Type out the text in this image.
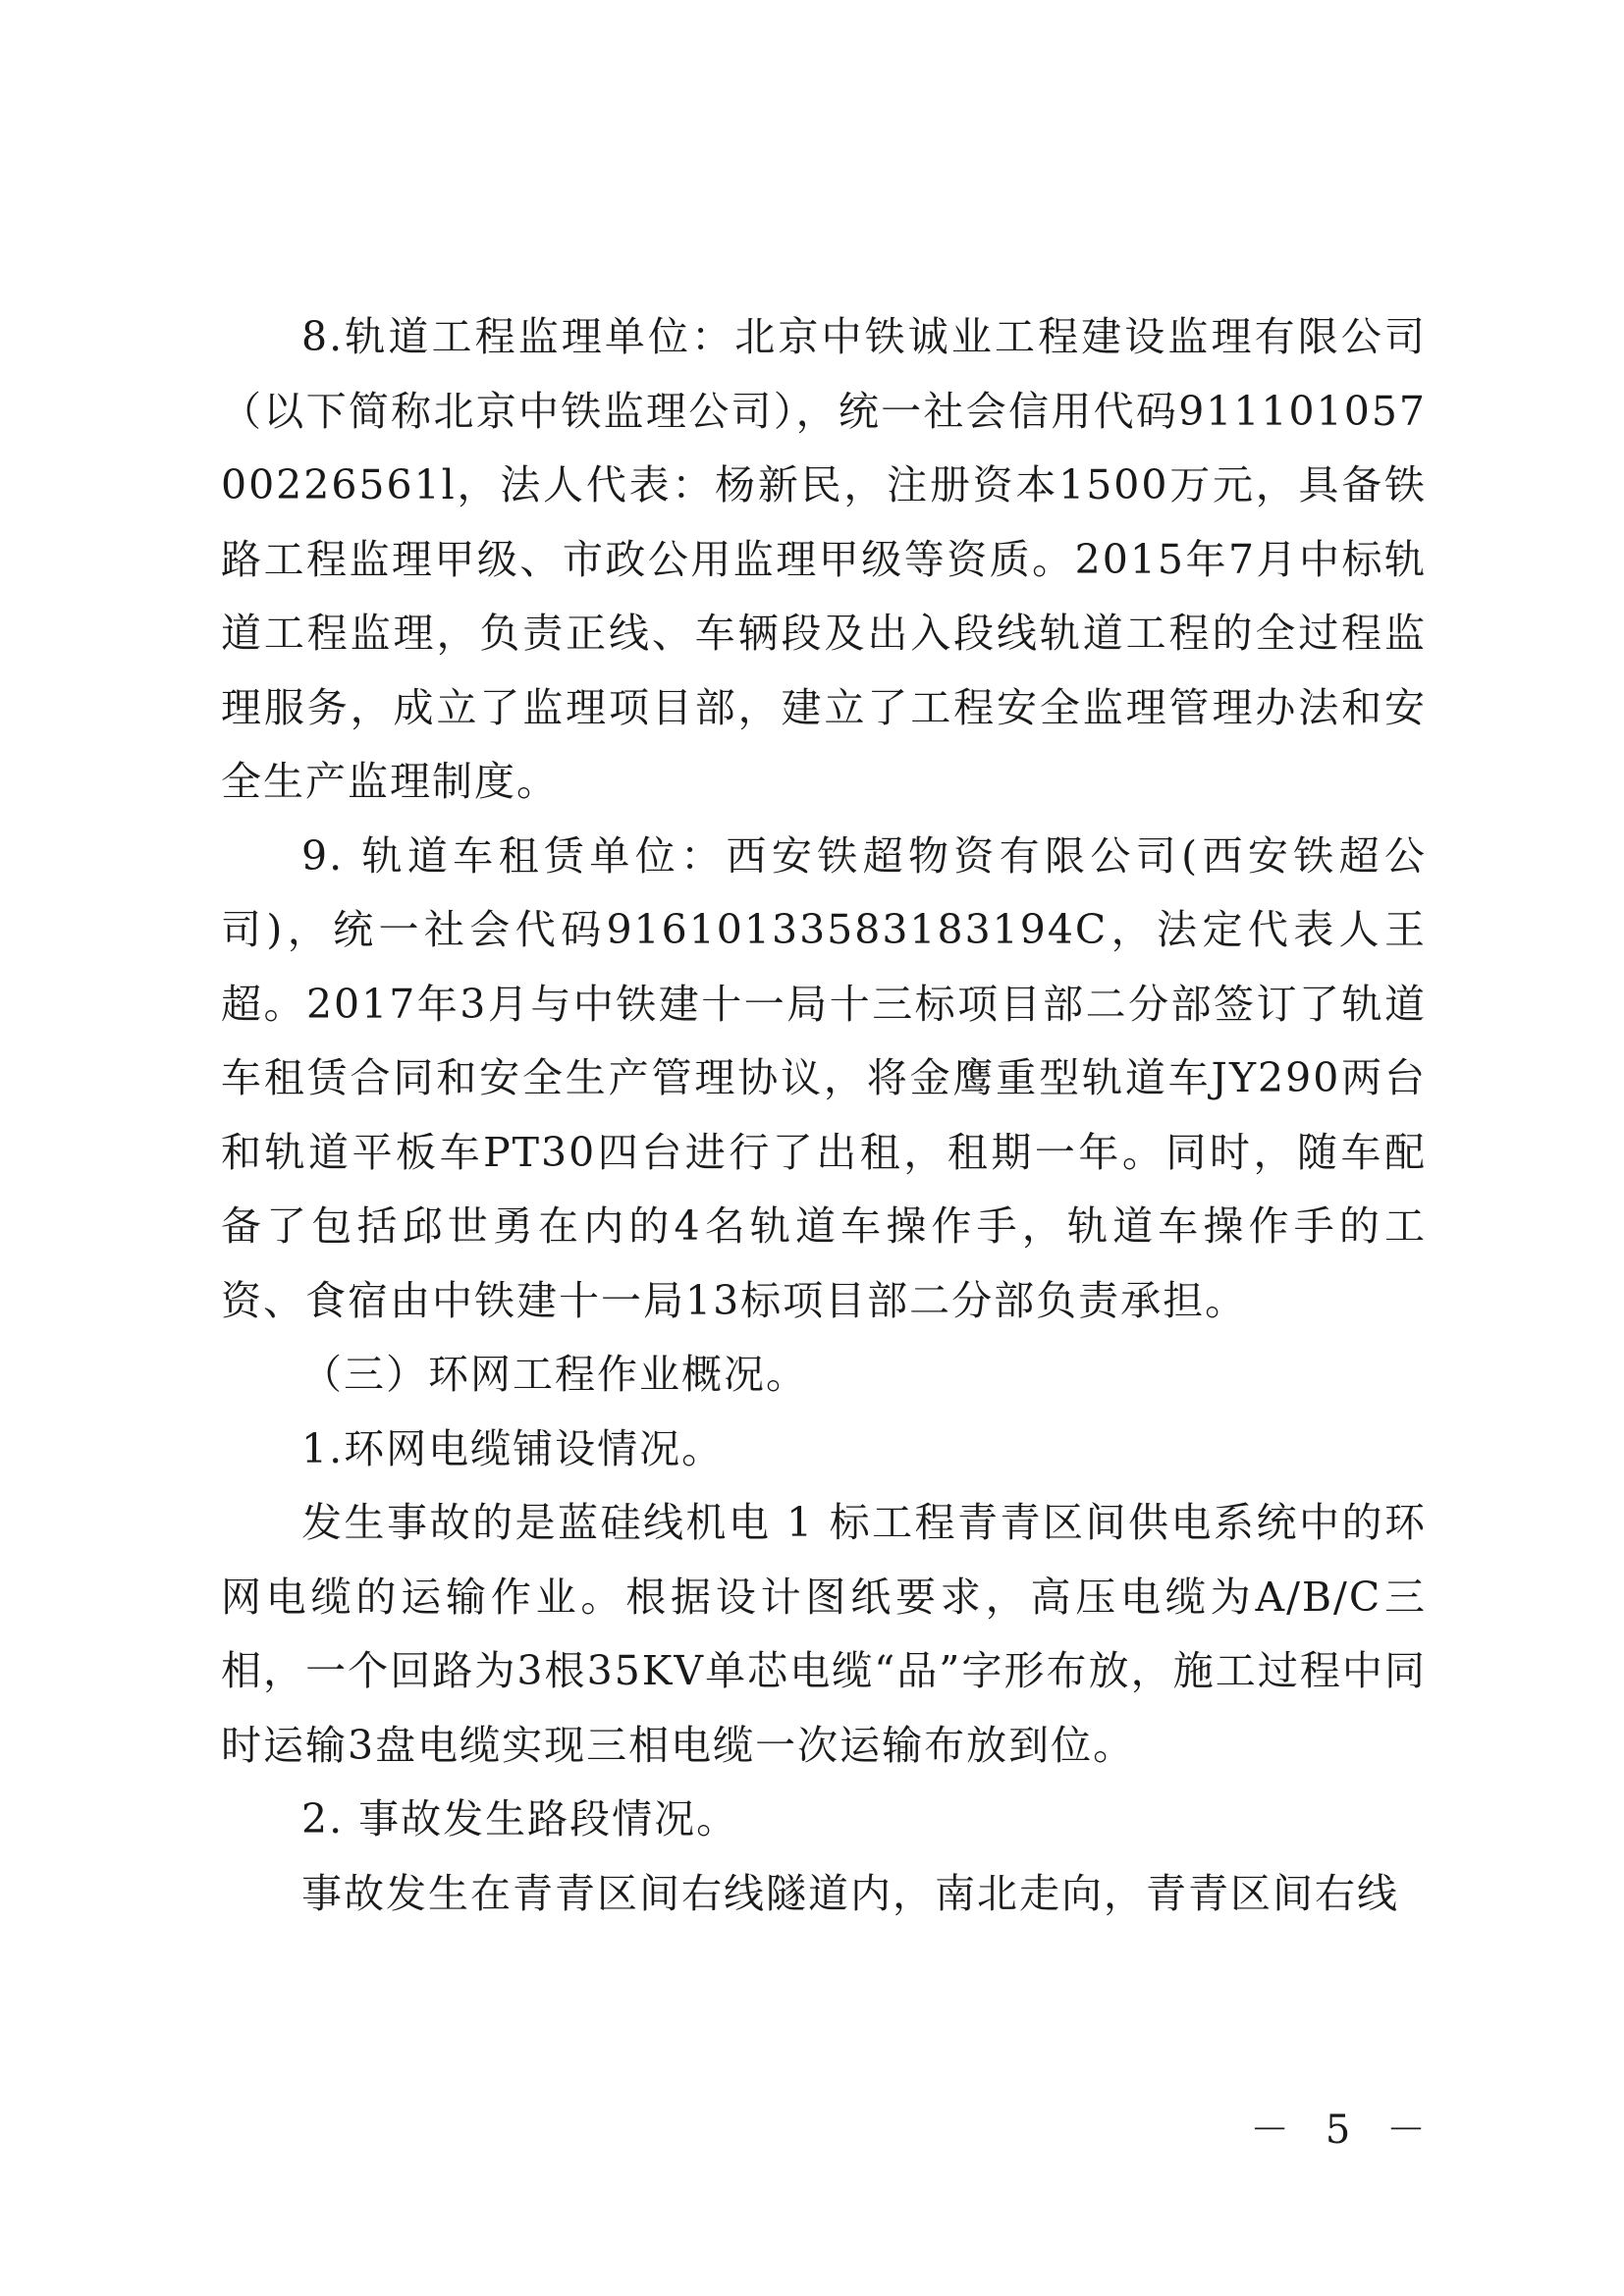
8.轨道工程监理单位：北京中铁诚业工程建设监理有限公司（以下简称北京中铁监理公司），统一社会信用代码91110105700226561l，法人代表：杨新民，注册资本1500万元，具备铁路工程监理甲级、市政公用监理甲级等资质。2015年7月中标轨道工程监理，负责正线、车辆段及出入段线轨道工程的全过程监理服务，成立了监理项目部，建立了工程安全监理管理办法和安全生产监理制度。

9. 轨道车租赁单位：西安铁超物资有限公司(西安铁超公司)，统一社会代码91610133583183194C，法定代表人王超。2017年3月与中铁建十一局十三标项目部二分部签订了轨道车租赁合同和安全生产管理协议，将金鹰重型轨道车JY290两台和轨道平板车PT30四台进行了出租，租期一年。同时，随车配备了包括邱世勇在内的4名轨道车操作手，轨道车操作手的工资、食宿由中铁建十一局13标项目部二分部负责承担。

（三）环网工程作业概况。

1.环网电缆铺设情况。

发生事故的是蓝硅线机电 1 标工程青青区间供电系统中的环网电缆的运输作业。根据设计图纸要求，高压电缆为A/B/C三相，一个回路为3根35KV单芯电缆“品”字形布放，施工过程中同时运输3盘电缆实现三相电缆一次运输布放到位。

2. 事故发生路段情况。

事故发生在青青区间右线隧道内，南北走向，青青区间右线

－ 5 －
